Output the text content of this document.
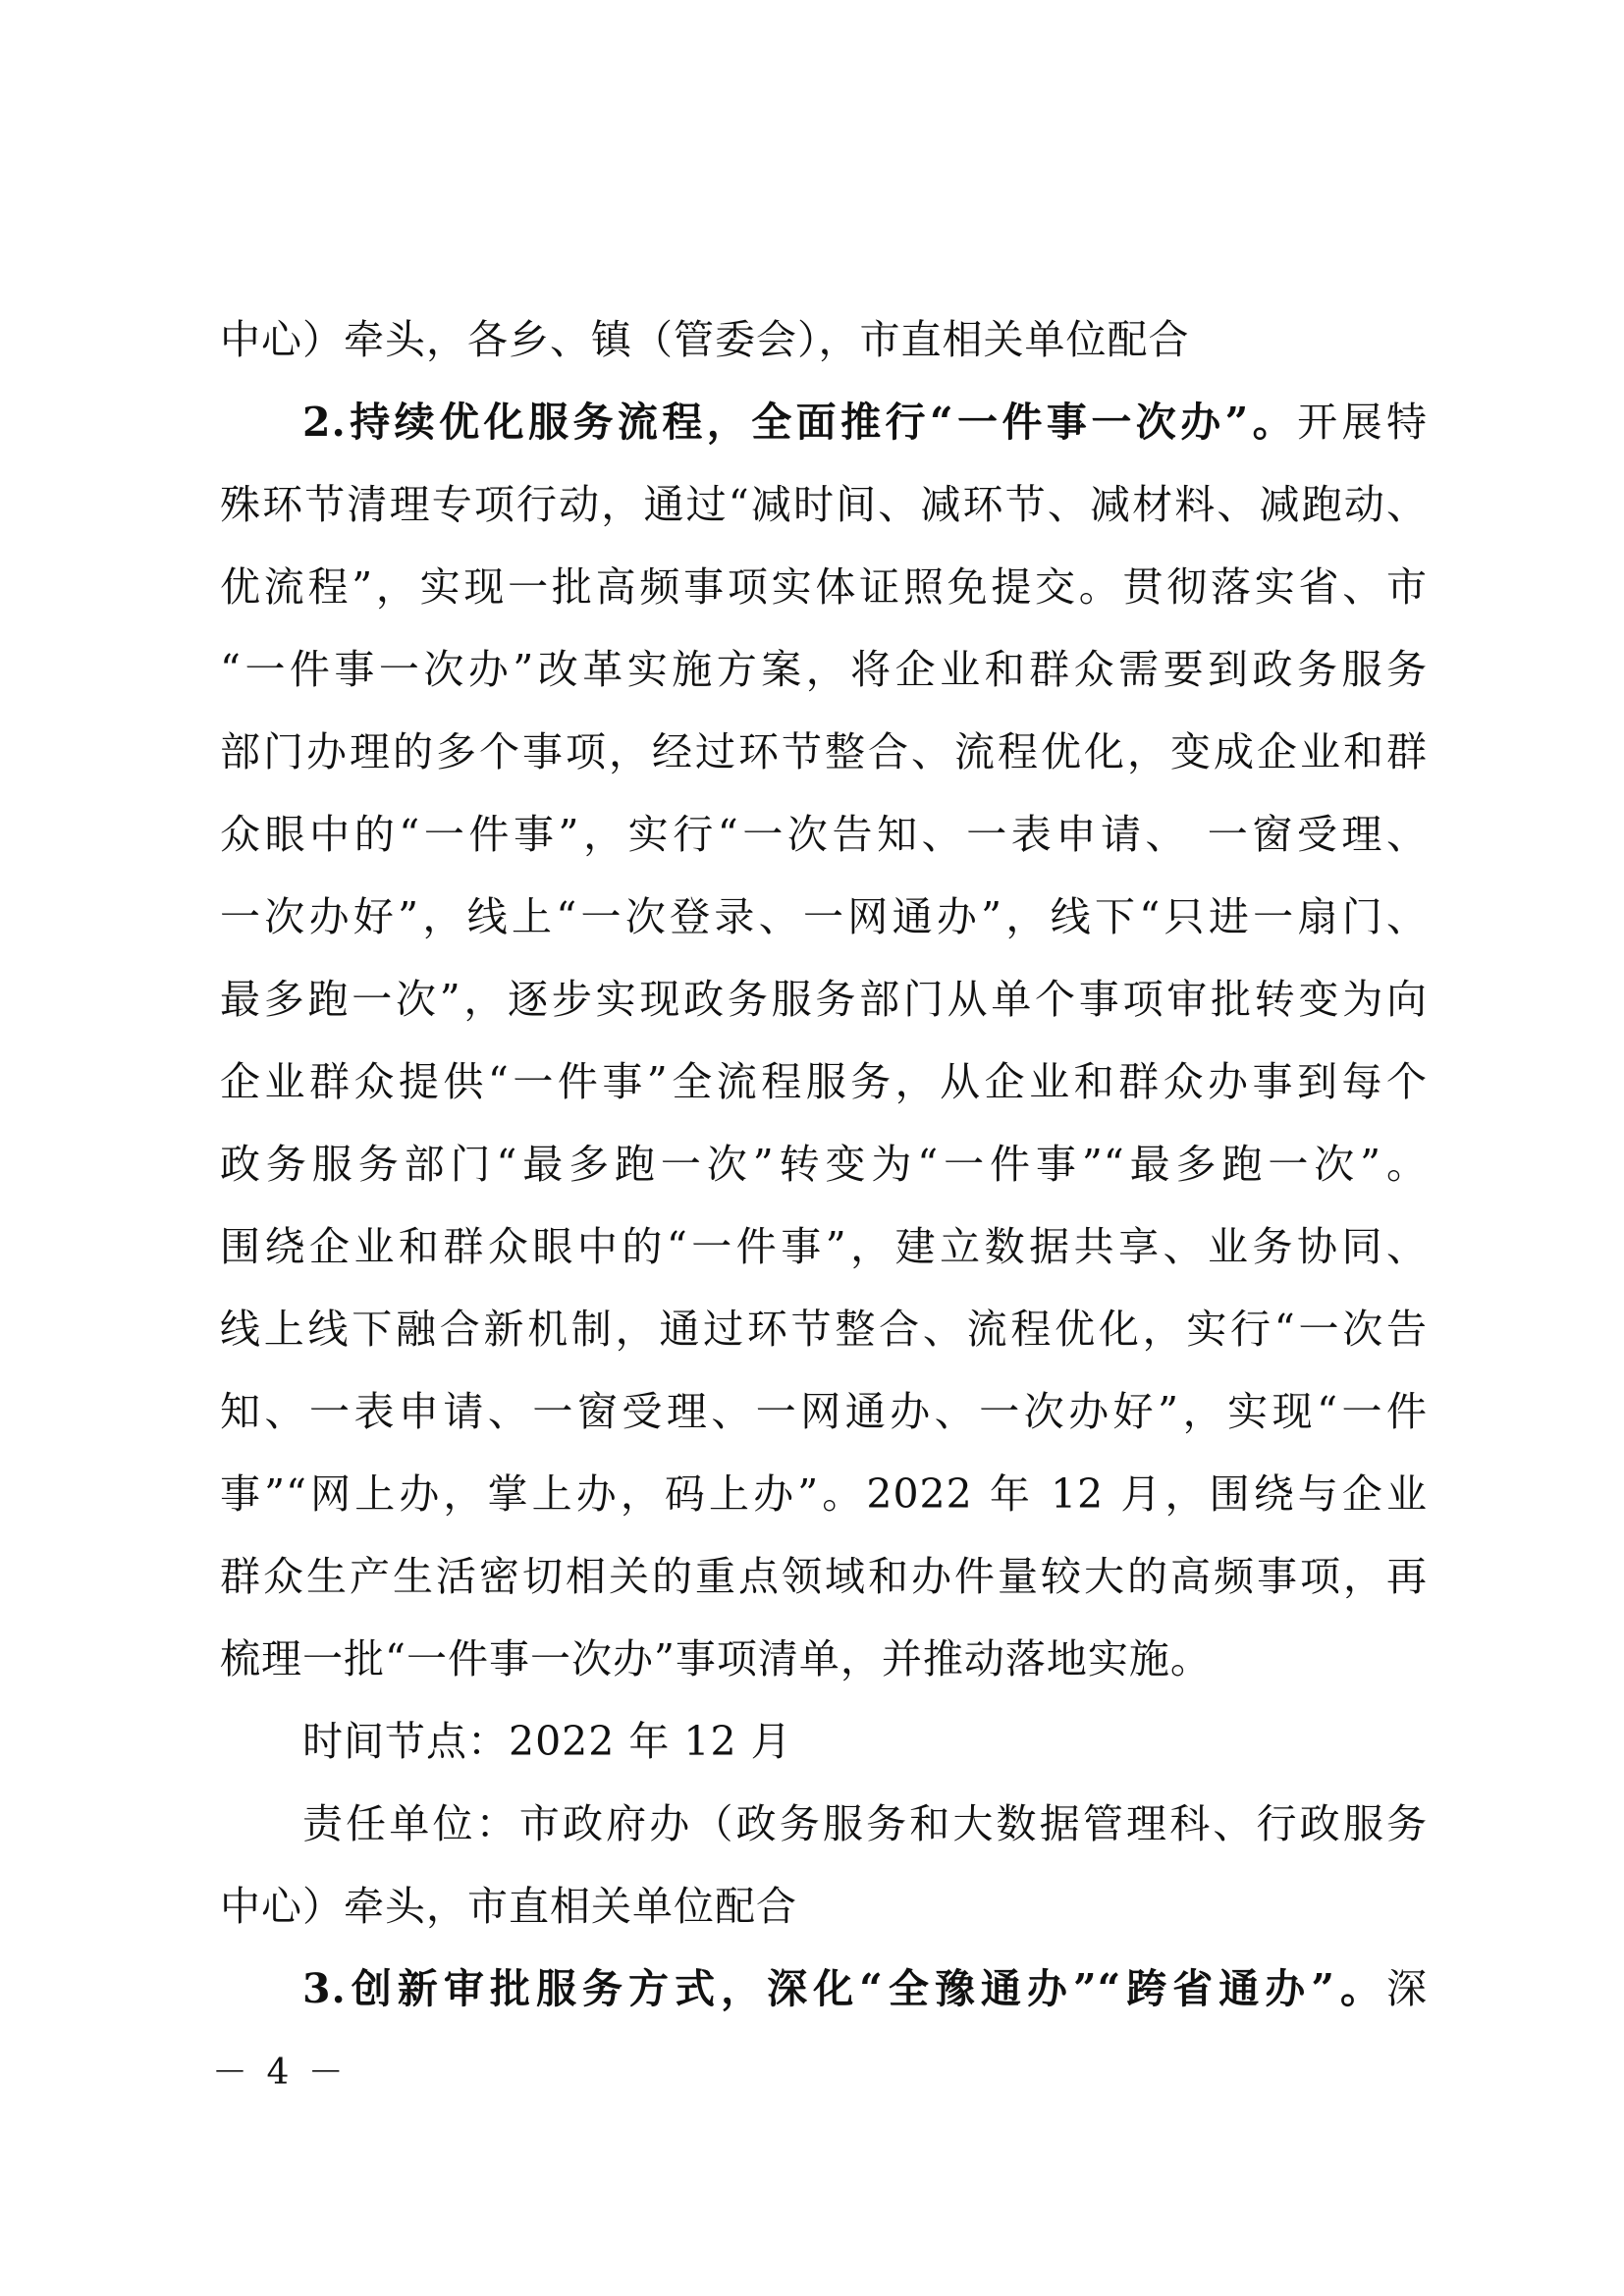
中心）牵头，各乡、镇（管委会），市直相关单位配合
2.持续优化服务流程，全面推行“一件事一次办”。开展特
殊环节清理专项行动，通过“减时间、减环节、减材料、减跑动、
优流程”，实现一批高频事项实体证照免提交。贯彻落实省、市
“一件事一次办”改革实施方案，将企业和群众需要到政务服务
部门办理的多个事项，经过环节整合、流程优化，变成企业和群
众眼中的“一件事”，实行“一次告知、一表申请、 一窗受理、
一次办好”，线上“一次登录、一网通办”，线下“只进一扇门、
最多跑一次”，逐步实现政务服务部门从单个事项审批转变为向
企业群众提供“一件事”全流程服务，从企业和群众办事到每个
政务服务部门“最多跑一次”转变为“一件事”“最多跑一次”。
围绕企业和群众眼中的“一件事”，建立数据共享、业务协同、
线上线下融合新机制，通过环节整合、流程优化，实行“一次告
知、一表申请、一窗受理、一网通办、一次办好”，实现“一件
事”“网上办，掌上办，码上办”。2022 年 12 月，围绕与企业
群众生产生活密切相关的重点领域和办件量较大的高频事项，再
梳理一批“一件事一次办”事项清单，并推动落地实施。
时间节点：2022 年 12 月
责任单位：市政府办（政务服务和大数据管理科、行政服务
中心）牵头，市直相关单位配合
3.创新审批服务方式，深化“全豫通办”“跨省通办”。深
－ 4 －
